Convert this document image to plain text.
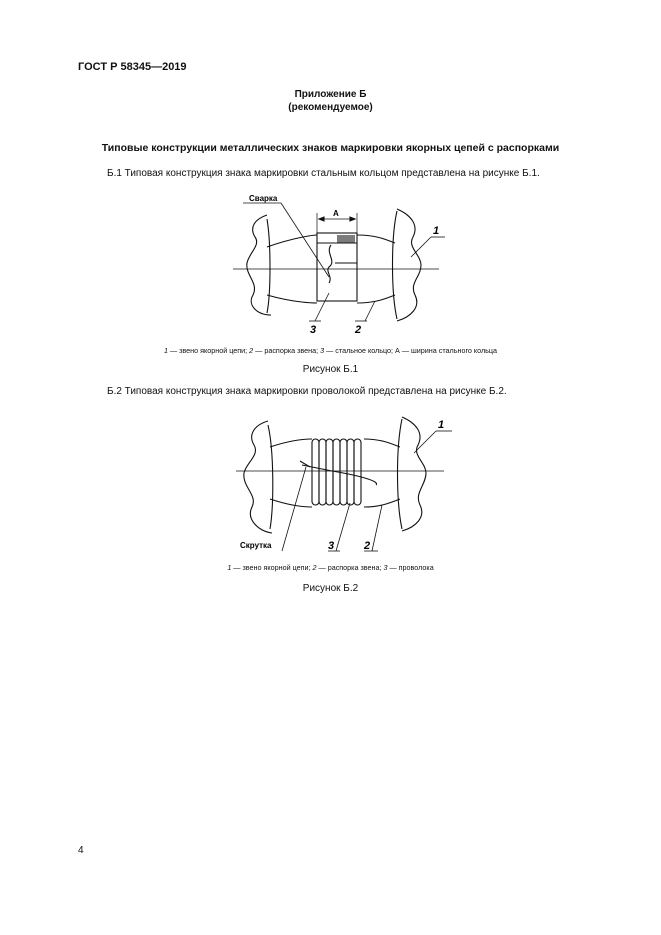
ГОСТ Р 58345—2019
Приложение Б
(рекомендуемое)
Типовые конструкции металлических знаков маркировки якорных цепей с распорками
Б.1 Типовая конструкция знака маркировки стальным кольцом представлена на рисунке Б.1.
Сварка
A
1
3	2
1 — звено якорной цепи; 2 — распорка звена; 3 — стальное кольцо; А — ширина стального кольца
Рисунок Б.1
Б.2 Типовая конструкция знака маркировки проволокой представлена на рисунке Б.2.
1
Скрутка	3	2
1 — звено якорной цепи; 2 — распорка звена; 3 — проволока
Рисунок Б.2
4
